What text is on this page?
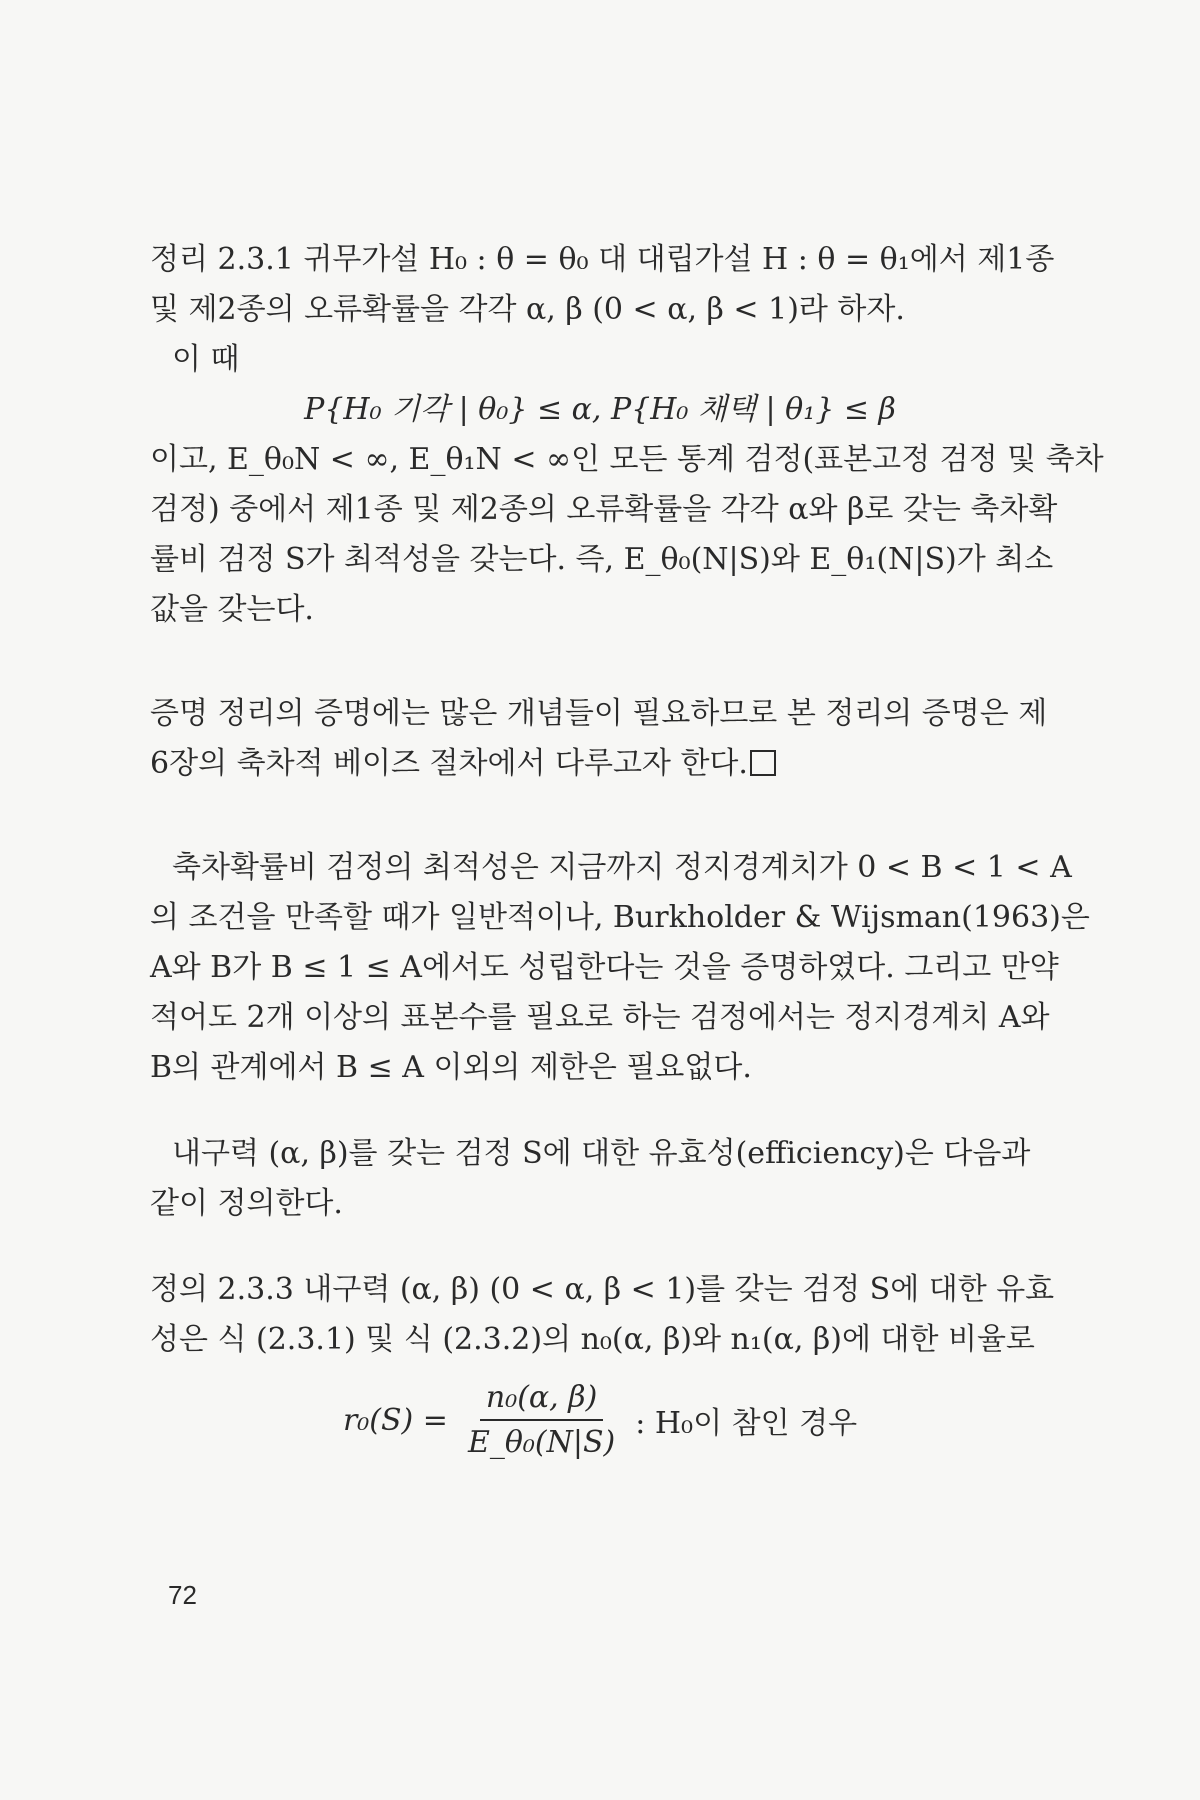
정리 2.3.1 귀무가설 H₀ : θ = θ₀ 대 대립가설 H : θ = θ₁에서 제1종
및 제2종의 오류확률을 각각 α, β (0 < α, β < 1)라 하자.
이 때
P{H₀ 기각 | θ₀} ≤ α, P{H₀ 채택 | θ₁} ≤ β
이고, E_θ₀N < ∞, E_θ₁N < ∞인 모든 통계 검정(표본고정 검정 및 축차
검정) 중에서 제1종 및 제2종의 오류확률을 각각 α와 β로 갖는 축차확
률비 검정 S가 최적성을 갖는다. 즉, E_θ₀(N|S)와 E_θ₁(N|S)가 최소
값을 갖는다.
증명 정리의 증명에는 많은 개념들이 필요하므로 본 정리의 증명은 제
6장의 축차적 베이즈 절차에서 다루고자 한다.
축차확률비 검정의 최적성은 지금까지 정지경계치가 0 < B < 1 < A
의 조건을 만족할 때가 일반적이나, Burkholder & Wijsman(1963)은
A와 B가 B ≤ 1 ≤ A에서도 성립한다는 것을 증명하였다. 그리고 만약
적어도 2개 이상의 표본수를 필요로 하는 검정에서는 정지경계치 A와
B의 관계에서 B ≤ A 이외의 제한은 필요없다.
내구력 (α, β)를 갖는 검정 S에 대한 유효성(efficiency)은 다음과
같이 정의한다.
정의 2.3.3 내구력 (α, β) (0 < α, β < 1)를 갖는 검정 S에 대한 유효
성은 식 (2.3.1) 및 식 (2.3.2)의 n₀(α, β)와 n₁(α, β)에 대한 비율로
$r_0(S) = \frac{\text{n₀(α, β)}}{\text{E\_θ₀(N|S)}}$ : H₀이 참인 경우
72
